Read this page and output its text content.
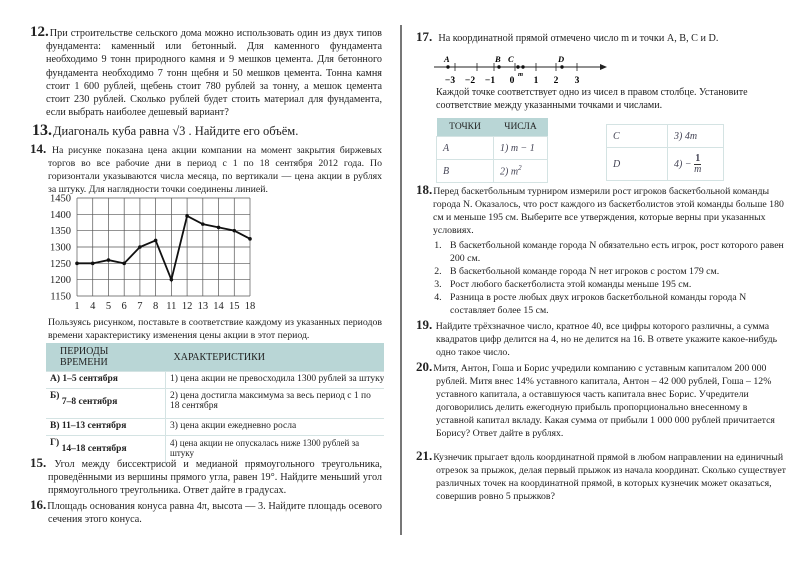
12.При строительстве сельского дома можно использовать один из двух типов фундамента: каменный или бетонный. Для каменного фундамента необходимо 9 тонн природного камня и 9 мешков цемента. Для бетонного фундамента необходимо 7 тонн щебня и 50 мешков цемента. Тонна камня стоит 1 600 рублей, щебень стоит 780 рублей за тонну, а мешок цемента стоит 230 рублей. Сколько рублей будет стоить материал для фундамента, если выбрать наиболее дешевый вариант?
13.Диагональ куба равна √3 . Найдите его объём.
14. На рисунке показана цена акции компании на момент закрытия биржевых торгов во все рабочие дни в период с 1 по 18 сентября 2012 года. По горизонтали указываются числа месяца, по вертикали — цена акции в рублях за штуку. Для наглядности точки соединены линией.
1450
1400
1350
1300
1250
1200
1150
1 4 5 6 7 8 11 12 13 14 15 18
Пользуясь рисунком, поставьте в соответствие каждому из указанных периодов времени характеристику изменения цены акции в этот период.
ПЕРИОДЫ ВРЕМЕНИ	ХАРАКТЕРИСТИКИ
А) 1–5 сентября	1) цена акции не превосходила 1300 рублей за штуку
Б) 7–8 сентября	2) цена достигла максимума за весь период с 1 по 18 сентября
В) 11–13 сентября	3) цена акции ежедневно росла
Г) 14–18 сентября	4) цена акции не опускалась ниже 1300 рублей за штуку
15. Угол между биссектрисой и медианой прямоугольного треугольника, проведёнными из вершины прямого угла, равен 19°. Найдите меньший угол прямоугольного треугольника. Ответ дайте в градусах.
16.Площадь основания конуса равна 4π, высота — 3. Найдите площадь осевого сечения этого конуса.
17. На координатной прямой отмечено число m и точки A, B, C и D.
−3 −2 −1 0 1 2 3
A	B C	D
m
Каждой точке соответствует одно из чисел в правом столбце. Установите соответствие между указанными точками и числами.
ТОЧКИ	ЧИСЛА
A	1) m − 1
B	2) $m^2$
C	3) 4m
D	$4) - \frac{1}{m}$
18.Перед баскетбольным турниром измерили рост игроков баскетбольной команды города N. Оказалось, что рост каждого из баскетболистов этой команды больше 180 см и меньше 195 см. Выберите все утверждения, которые верны при указанных условиях.
1. В баскетбольной команде города N обязательно есть игрок, рост которого равен 200 см.
2. В баскетбольной команде города N нет игроков с ростом 179 см.
3. Рост любого баскетболиста этой команды меньше 195 см.
4. Разница в росте любых двух игроков баскетбольной команды города N составляет более 15 см.
19. Найдите трёхзначное число, кратное 40, все цифры которого различны, а сумма квадратов цифр делится на 4, но не делится на 16. В ответе укажите какое-нибудь одно такое число.
20.Митя, Антон, Гоша и Борис учредили компанию с уставным капиталом 200 000 рублей. Митя внес 14% уставного капитала, Антон – 42 000 рублей, Гоша – 12% уставного капитала, а оставшуюся часть капитала внес Борис. Учредители договорились делить ежегодную прибыль пропорционально внесенному в уставной капитал вкладу. Какая сумма от прибыли 1 000 000 рублей причитается Борису? Ответ дайте в рублях.
21.Кузнечик прыгает вдоль координатной прямой в любом направлении на единичный отрезок за прыжок, делая первый прыжок из начала координат. Сколько существует различных точек на координатной прямой, в которых кузнечик может оказаться, совершив ровно 5 прыжков?
